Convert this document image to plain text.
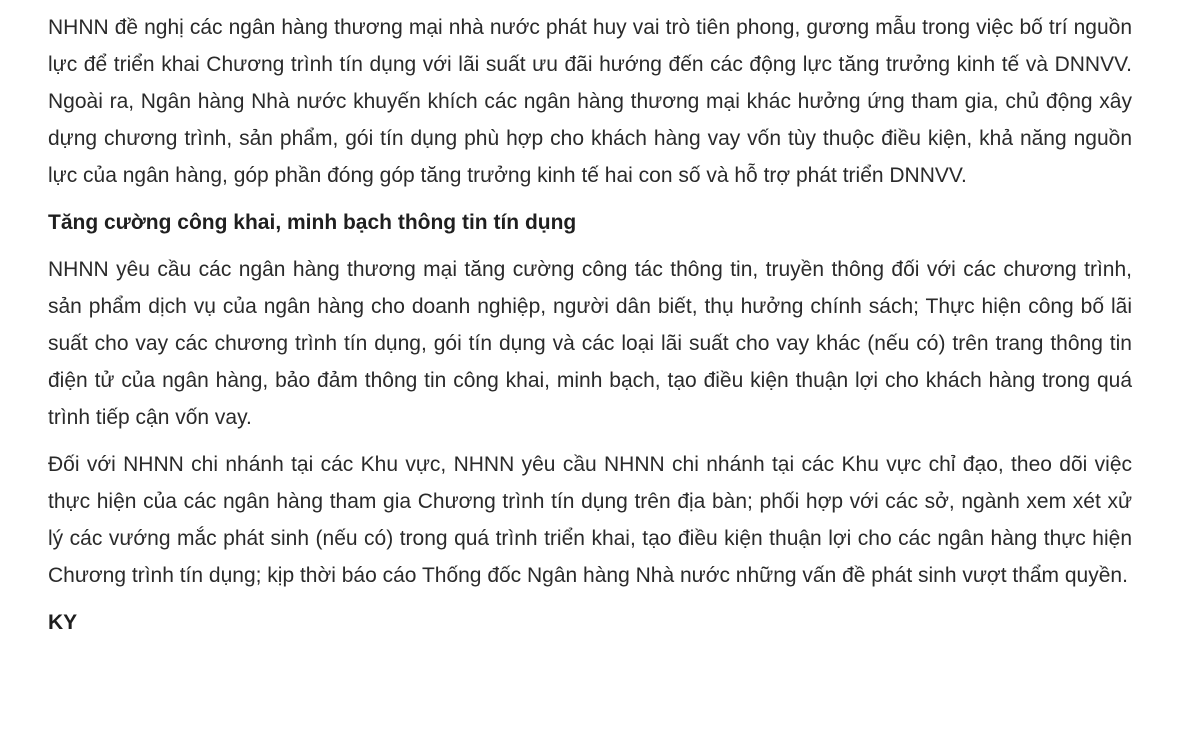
NHNN đề nghị các ngân hàng thương mại nhà nước phát huy vai trò tiên phong, gương mẫu trong việc bố trí nguồn lực để triển khai Chương trình tín dụng với lãi suất ưu đãi hướng đến các động lực tăng trưởng kinh tế và DNNVV. Ngoài ra, Ngân hàng Nhà nước khuyến khích các ngân hàng thương mại khác hưởng ứng tham gia, chủ động xây dựng chương trình, sản phẩm, gói tín dụng phù hợp cho khách hàng vay vốn tùy thuộc điều kiện, khả năng nguồn lực của ngân hàng, góp phần đóng góp tăng trưởng kinh tế hai con số và hỗ trợ phát triển DNNVV.

Tăng cường công khai, minh bạch thông tin tín dụng

NHNN yêu cầu các ngân hàng thương mại tăng cường công tác thông tin, truyền thông đối với các chương trình, sản phẩm dịch vụ của ngân hàng cho doanh nghiệp, người dân biết, thụ hưởng chính sách; Thực hiện công bố lãi suất cho vay các chương trình tín dụng, gói tín dụng và các loại lãi suất cho vay khác (nếu có) trên trang thông tin điện tử của ngân hàng, bảo đảm thông tin công khai, minh bạch, tạo điều kiện thuận lợi cho khách hàng trong quá trình tiếp cận vốn vay.

Đối với NHNN chi nhánh tại các Khu vực, NHNN yêu cầu NHNN chi nhánh tại các Khu vực chỉ đạo, theo dõi việc thực hiện của các ngân hàng tham gia Chương trình tín dụng trên địa bàn; phối hợp với các sở, ngành xem xét xử lý các vướng mắc phát sinh (nếu có) trong quá trình triển khai, tạo điều kiện thuận lợi cho các ngân hàng thực hiện Chương trình tín dụng; kịp thời báo cáo Thống đốc Ngân hàng Nhà nước những vấn đề phát sinh vượt thẩm quyền.

KY
